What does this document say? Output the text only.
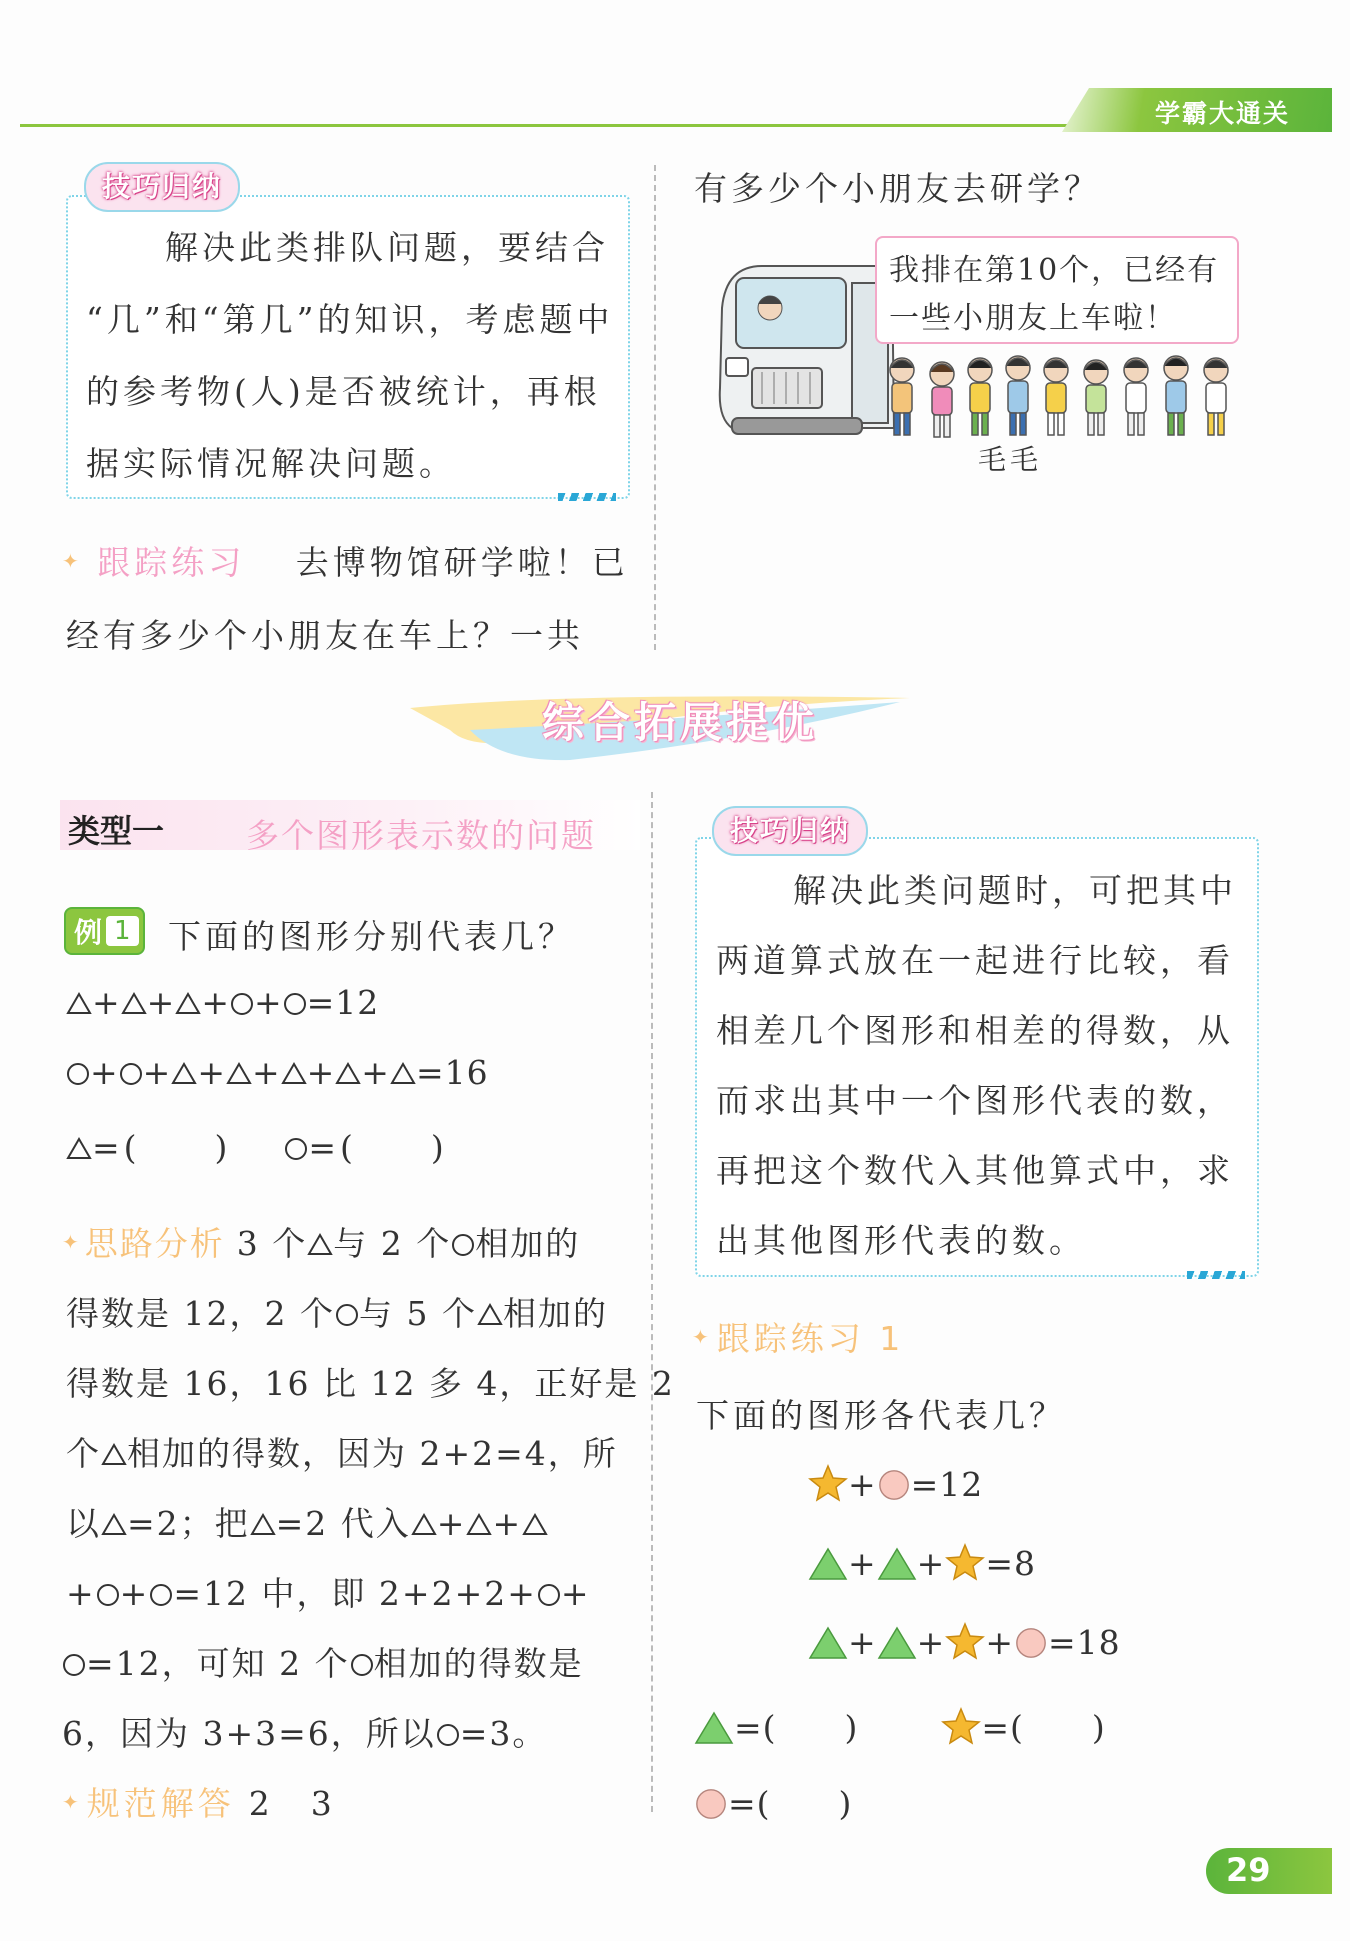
学霸大通关
技巧归纳
解决此类排队问题，要结合
“几”和“第几”的知识，考虑题中
的参考物(人)是否被统计，再根
据实际情况解决问题。
✦ 跟踪练习 去博物馆研学啦！已
经有多少个小朋友在车上？一共
有多少个小朋友去研学？
我排在第10个，已经有
一些小朋友上车啦！
毛毛
综合拓展提优
类型一 多个图形表示数的问题
例 1 下面的图形分别代表几？
+ + + + =12
+ + + + + + =16
=(　　) =(　　)
✦ 思路分析 3 个 与 2 个 相加的
得数是 12，2 个 与 5 个 相加的
得数是 16，16 比 12 多 4，正好是 2
个 相加的得数，因为 2+2=4，所
以 =2；把 =2 代入 + +
+ + =12 中，即 2+2+2+ +
=12，可知 2 个 相加的得数是
6，因为 3+3=6，所以 =3。
✦ 规范解答 2　3
技巧归纳
解决此类问题时，可把其中
两道算式放在一起进行比较，看
相差几个图形和相差的得数，从
而求出其中一个图形代表的数，
再把这个数代入其他算式中，求
出其他图形代表的数。
✦ 跟踪练习 1
下面的图形各代表几？
+ =12
+ + =8
+ + + =18
=(　　)	=(　　)
=(　　)
29
